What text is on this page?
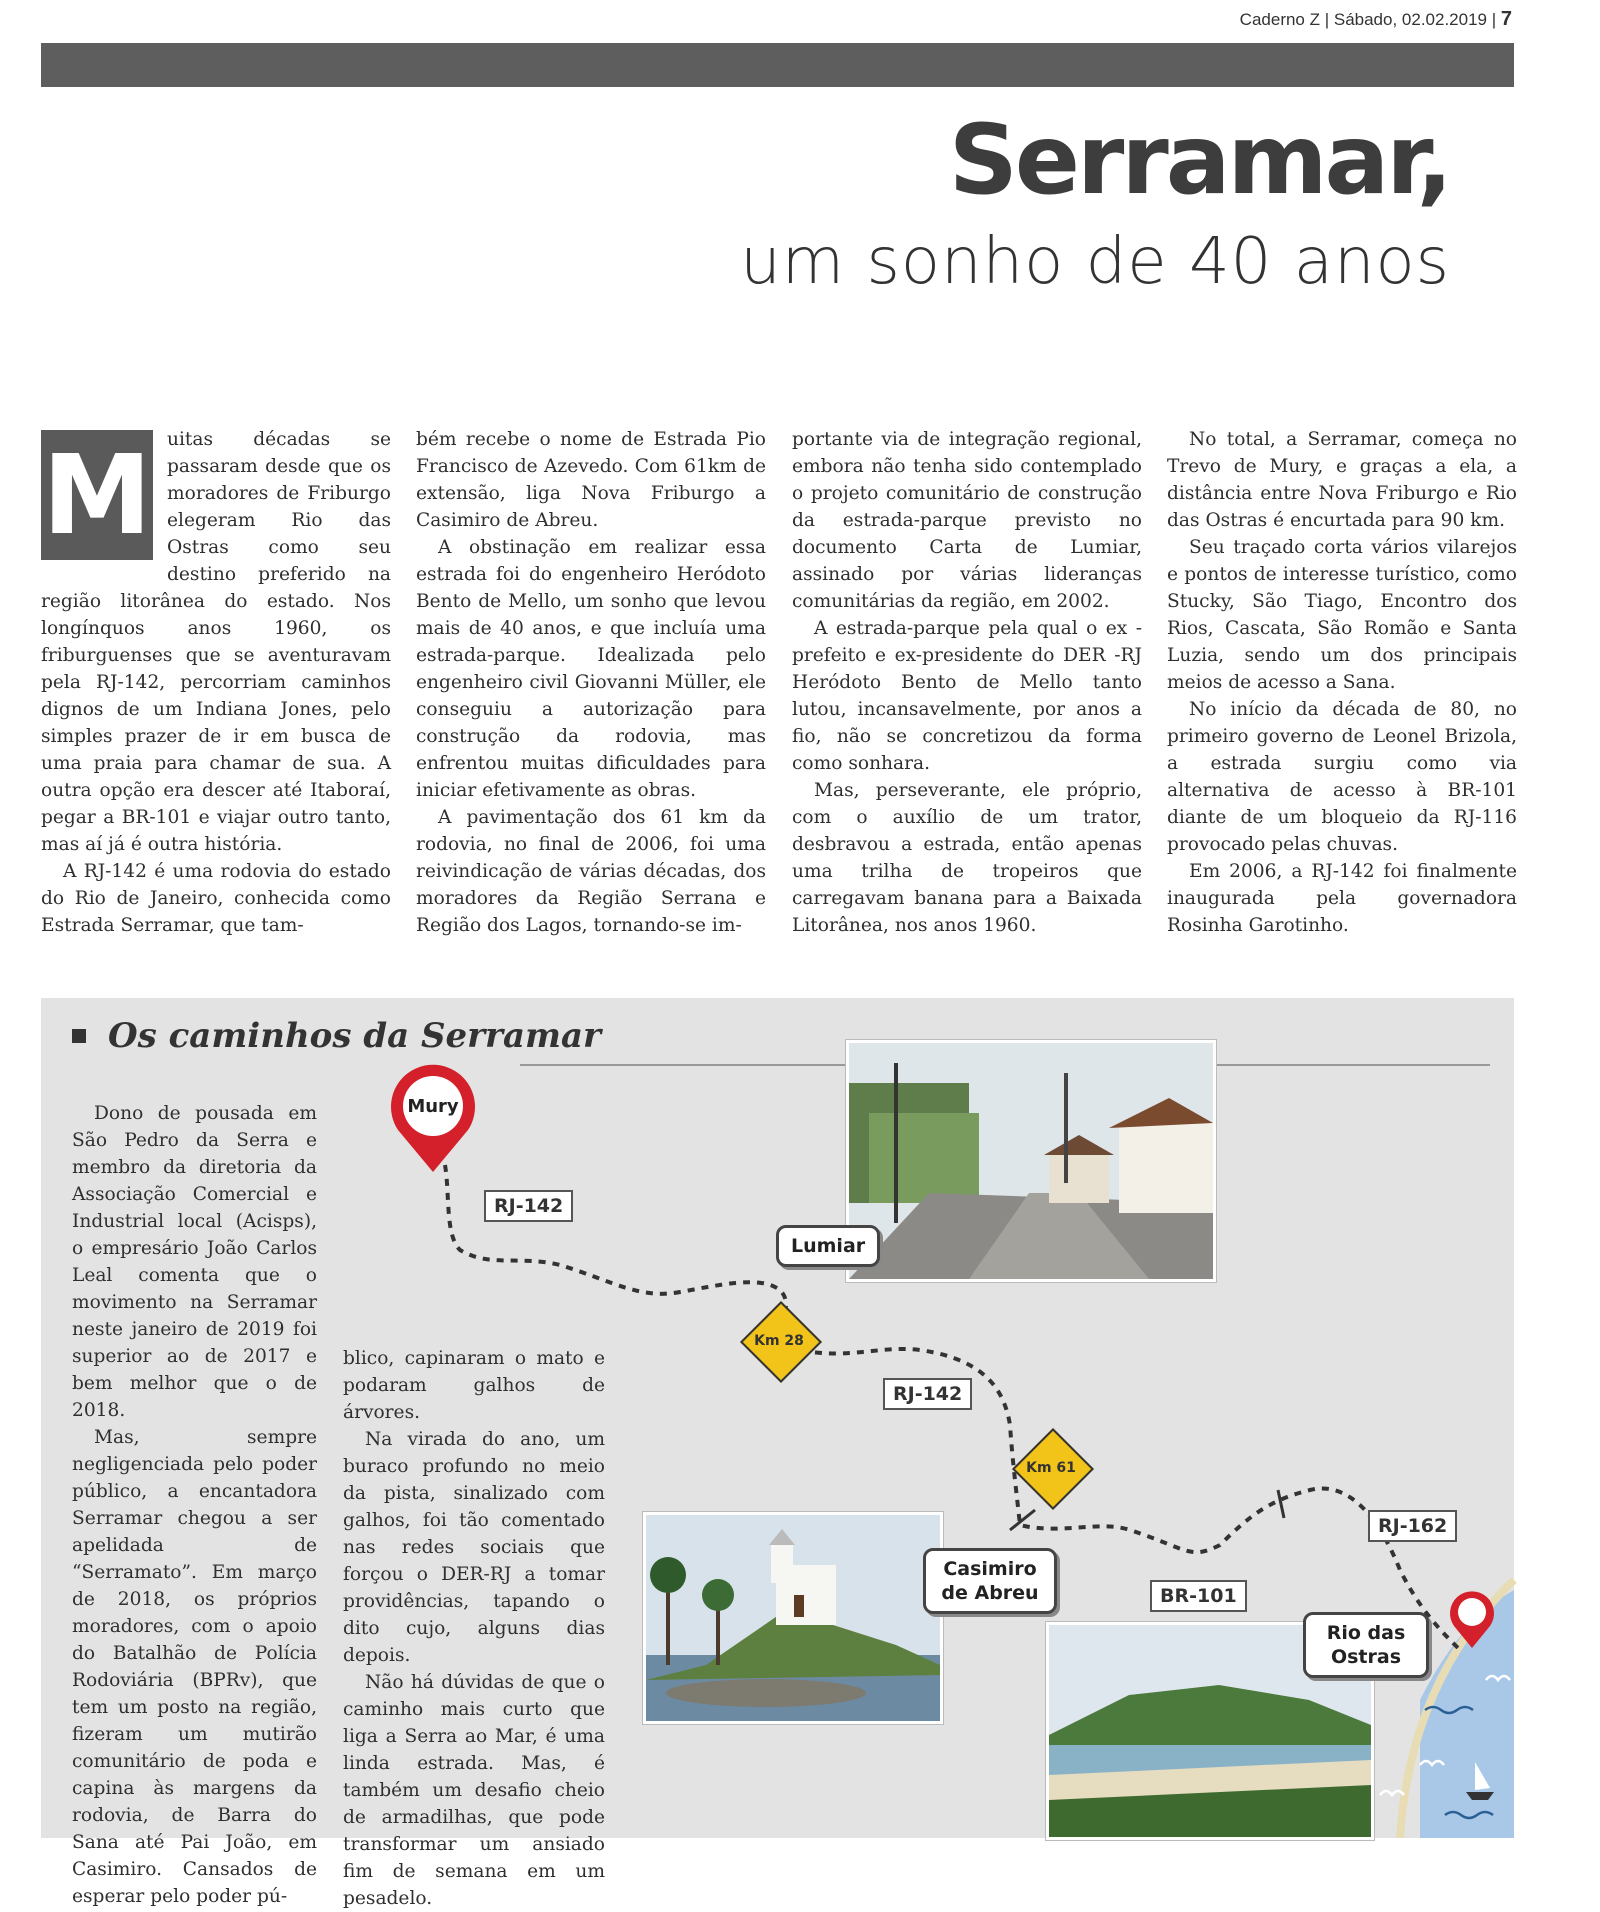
Caderno Z | Sábado, 02.02.2019 | 7
Serramar,
um sonho de 40 anos
M uitas décadas se passaram desde que os moradores de Friburgo elegeram Rio das Ostras como seu destino preferido na região litorânea do estado. Nos longínquos anos 1960, os friburguenses que se aventuravam pela RJ-142, percorriam caminhos dignos de um Indiana Jones, pelo simples prazer de ir em busca de uma praia para chamar de sua. A outra opção era descer até Itaboraí, pegar a BR-101 e viajar outro tanto, mas aí já é outra história.

A RJ-142 é uma rodovia do estado do Rio de Janeiro, conhecida como Estrada Serramar, que tam-

bém recebe o nome de Estrada Pio Francisco de Azevedo. Com 61km de extensão, liga Nova Friburgo a Casimiro de Abreu.

A obstinação em realizar essa estrada foi do engenheiro Heródoto Bento de Mello, um sonho que levou mais de 40 anos, e que incluía uma estrada-parque. Idealizada pelo engenheiro civil Giovanni Müller, ele conseguiu a autorização para construção da rodovia, mas enfrentou muitas dificuldades para iniciar efetivamente as obras.

A pavimentação dos 61 km da rodovia, no final de 2006, foi uma reivindicação de várias décadas, dos moradores da Região Serrana e Região dos Lagos, tornando-se im-

portante via de integração regional, embora não tenha sido contemplado o projeto comunitário de construção da estrada-parque previsto no documento Carta de Lumiar, assinado por várias lideranças comunitárias da região, em 2002.

A estrada-parque pela qual o ex -prefeito e ex-presidente do DER -RJ Heródoto Bento de Mello tanto lutou, incansavelmente, por anos a fio, não se concretizou da forma como sonhara.

Mas, perseverante, ele próprio, com o auxílio de um trator, desbravou a estrada, então apenas uma trilha de tropeiros que carregavam banana para a Baixada Litorânea, nos anos 1960.

No total, a Serramar, começa no Trevo de Mury, e graças a ela, a distância entre Nova Friburgo e Rio das Ostras é encurtada para 90 km.

Seu traçado corta vários vilarejos e pontos de interesse turístico, como Stucky, São Tiago, Encontro dos Rios, Cascata, São Romão e Santa Luzia, sendo um dos principais meios de acesso a Sana.

No início da década de 80, no primeiro governo de Leonel Brizola, a estrada surgiu como via alternativa de acesso à BR-101 diante de um bloqueio da RJ-116 provocado pelas chuvas.

Em 2006, a RJ-142 foi finalmente inaugurada pela governadora Rosinha Garotinho.

Os caminhos da Serramar

Dono de pousada em São Pedro da Serra e membro da diretoria da Associação Comercial e Industrial local (Acisps), o empresário João Carlos Leal comenta que o movimento na Serramar neste janeiro de 2019 foi superior ao de 2017 e bem melhor que o de 2018.

Mas, sempre negligenciada pelo poder público, a encantadora Serramar chegou a ser apelidada de “Serramato”. Em março de 2018, os próprios moradores, com o apoio do Batalhão de Polícia Rodoviária (BPRv), que tem um posto na região, fizeram um mutirão comunitário de poda e capina às margens da rodovia, de Barra do Sana até Pai João, em Casimiro. Cansados de esperar pelo poder pú-

blico, capinaram o mato e podaram galhos de árvores.

Na virada do ano, um buraco profundo no meio da pista, sinalizado com galhos, foi tão comentado nas redes sociais que forçou o DER-RJ a tomar providências, tapando o dito cujo, alguns dias depois.

Não há dúvidas de que o caminho mais curto que liga a Serra ao Mar, é uma linda estrada. Mas, é também um desafio cheio de armadilhas, que pode transformar um ansiado fim de semana em um pesadelo.

Mury
Lumiar
Casimiro de Abreu
Rio das Ostras
RJ-142
RJ-142
BR-101
RJ-162
Km 28
Km 61
